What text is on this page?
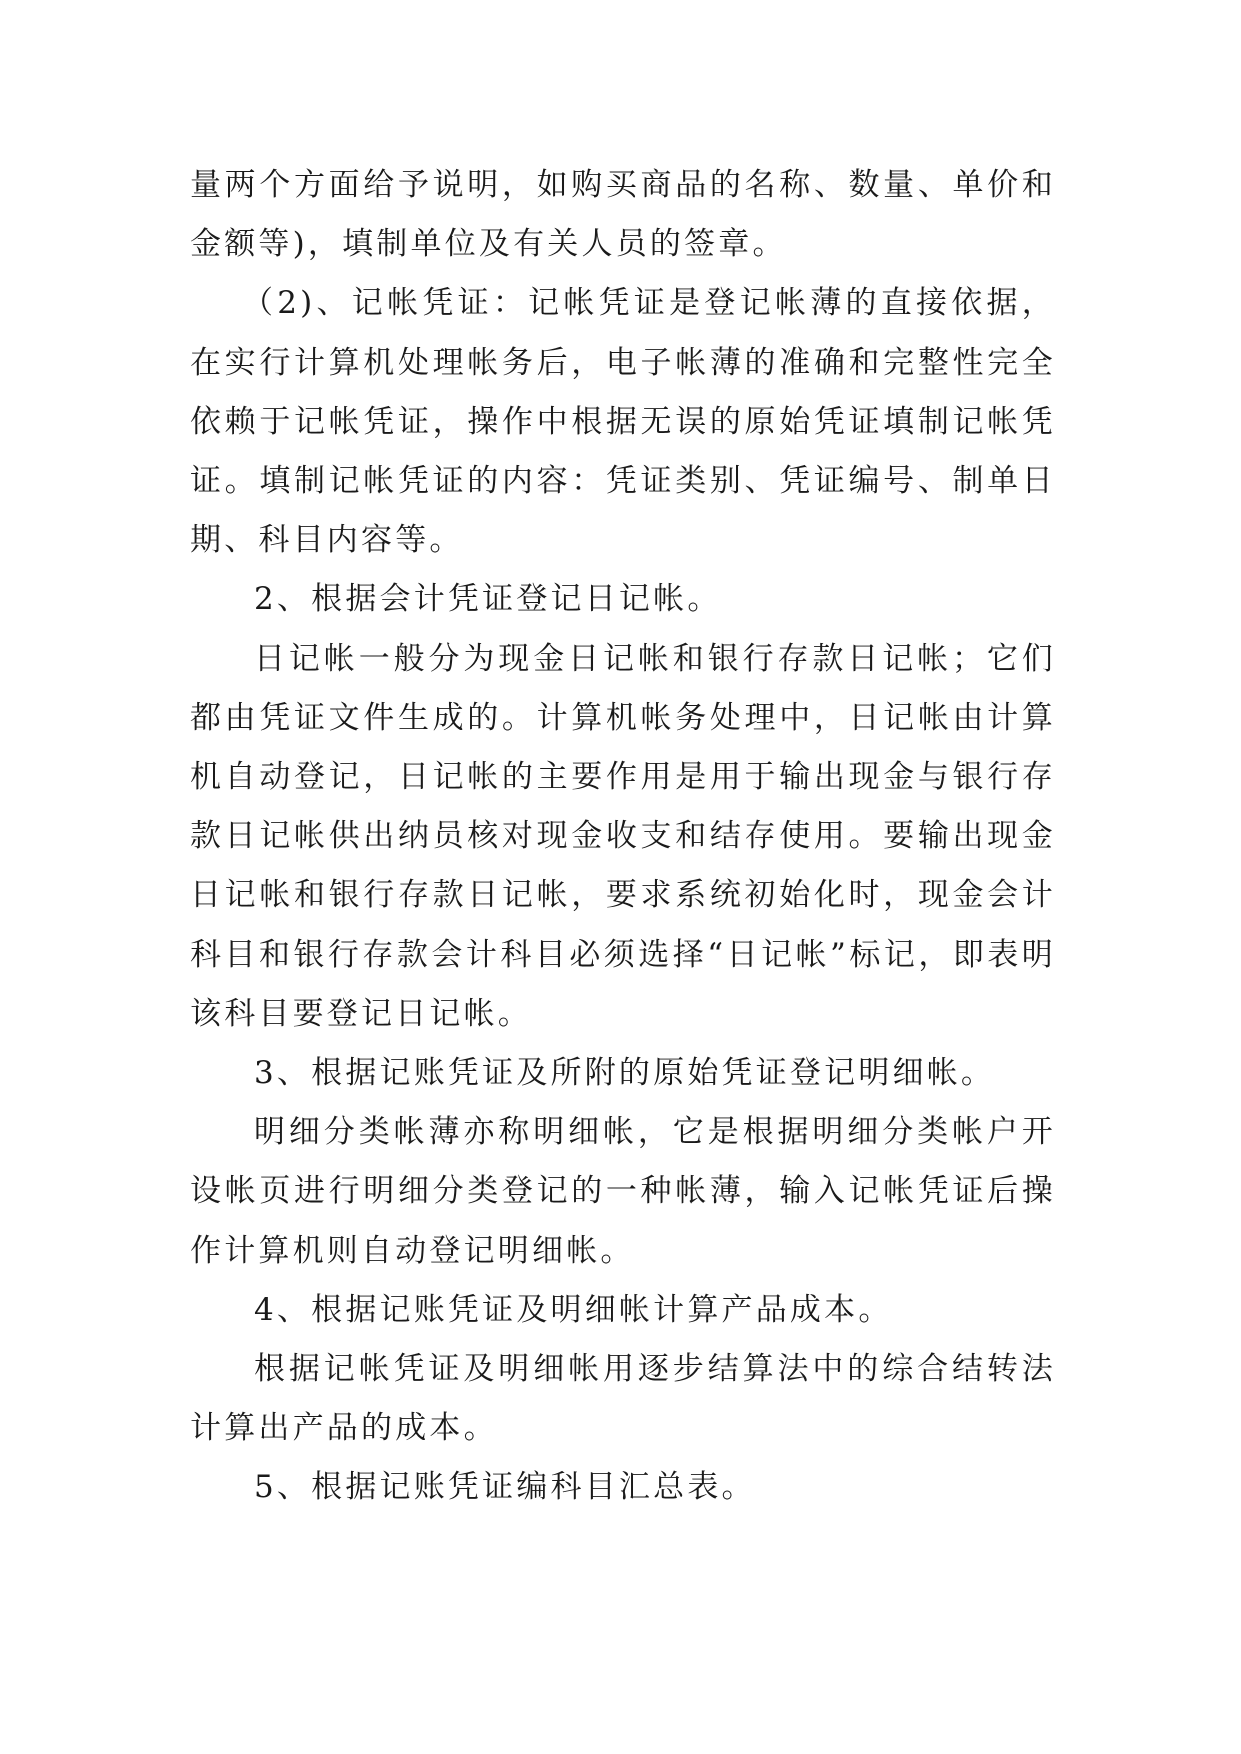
量两个方面给予说明，如购买商品的名称、数量、单价和金额等)，填制单位及有关人员的签章。

（2)、记帐凭证：记帐凭证是登记帐薄的直接依据，在实行计算机处理帐务后，电子帐薄的准确和完整性完全依赖于记帐凭证，操作中根据无误的原始凭证填制记帐凭证。填制记帐凭证的内容：凭证类别、凭证编号、制单日期、科目内容等。

2、根据会计凭证登记日记帐。

日记帐一般分为现金日记帐和银行存款日记帐；它们都由凭证文件生成的。计算机帐务处理中，日记帐由计算机自动登记，日记帐的主要作用是用于输出现金与银行存款日记帐供出纳员核对现金收支和结存使用。要输出现金日记帐和银行存款日记帐，要求系统初始化时，现金会计科目和银行存款会计科目必须选择“日记帐”标记，即表明该科目要登记日记帐。

3、根据记账凭证及所附的原始凭证登记明细帐。

明细分类帐薄亦称明细帐，它是根据明细分类帐户开设帐页进行明细分类登记的一种帐薄，输入记帐凭证后操作计算机则自动登记明细帐。

4、根据记账凭证及明细帐计算产品成本。

根据记帐凭证及明细帐用逐步结算法中的综合结转法计算出产品的成本。

5、根据记账凭证编科目汇总表。
